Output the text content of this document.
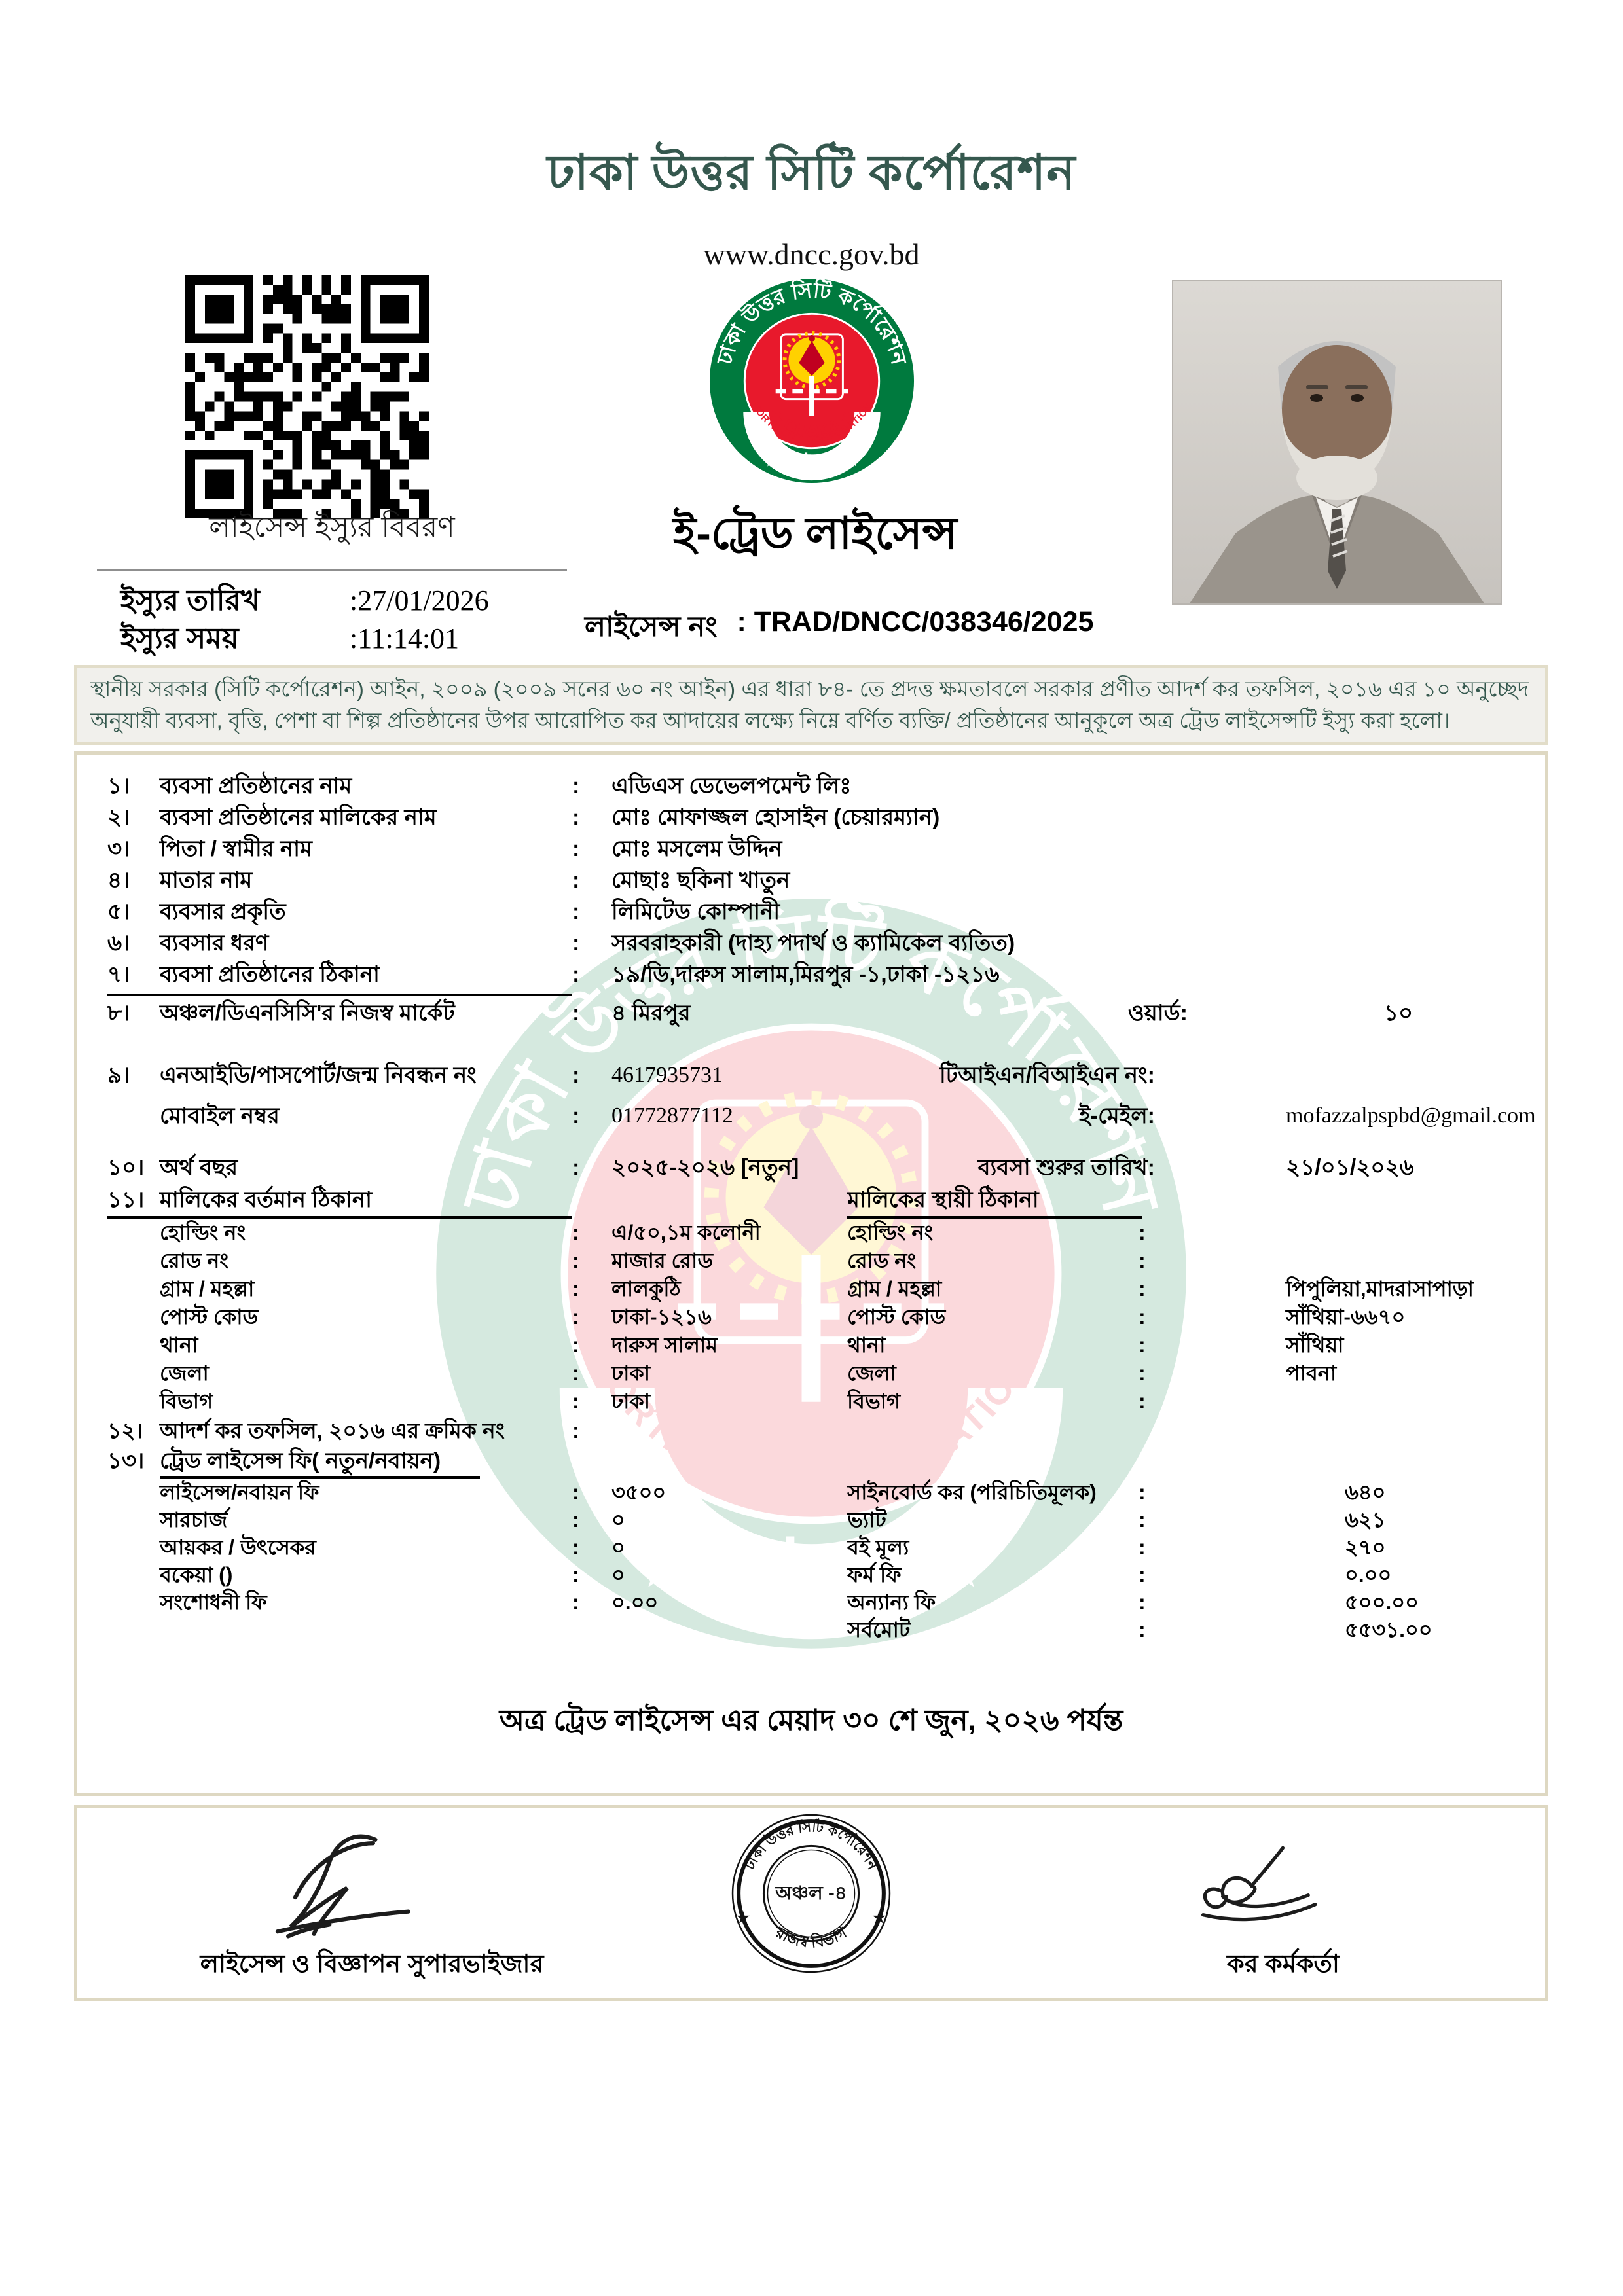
ঢাকা উত্তর সিটি কর্পোরেশন
www.dncc.gov.bd
লাইসেন্স ইস্যুর বিবরণ
ইস্যুর তারিখ	:27/01/2026
ইস্যুর সময়	:11:14:01
ই-ট্রেড লাইসেন্স
লাইসেন্স নং : TRAD/DNCC/038346/2025
স্থানীয় সরকার (সিটি কর্পোরেশন) আইন, ২০০৯ (২০০৯ সনের ৬০ নং আইন) এর ধারা ৮৪- তে প্রদত্ত ক্ষমতাবলে সরকার প্রণীত আদর্শ কর তফসিল, ২০১৬ এর ১০ অনুচ্ছেদ অনুযায়ী ব্যবসা, বৃত্তি, পেশা বা শিল্প প্রতিষ্ঠানের উপর আরোপিত কর আদায়ের লক্ষ্যে নিম্নে বর্ণিত ব্যক্তি/ প্রতিষ্ঠানের আনুকূলে অত্র ট্রেড লাইসেন্সটি ইস্যু করা হলো।
১।	ব্যবসা প্রতিষ্ঠানের নাম	:	এডিএস ডেভেলপমেন্ট লিঃ
২।	ব্যবসা প্রতিষ্ঠানের মালিকের নাম	:	মোঃ মোফাজ্জল হোসাইন (চেয়ারম্যান)
৩।	পিতা / স্বামীর নাম	:	মোঃ মসলেম উদ্দিন
৪।	মাতার নাম	:	মোছাঃ ছকিনা খাতুন
৫।	ব্যবসার প্রকৃতি	:	লিমিটেড কোম্পানী
৬।	ব্যবসার ধরণ	:	সরবরাহকারী (দাহ্য পদার্থ ও ক্যামিকেল ব্যতিত)
৭।	ব্যবসা প্রতিষ্ঠানের ঠিকানা	:	১৯/ডি,দারুস সালাম,মিরপুর -১,ঢাকা -১২১৬
৮।	অঞ্চল/ডিএনসিসি'র নিজস্ব মার্কেট	:	৪ মিরপুর	ওয়ার্ড:	১০
৯।	এনআইডি/পাসপোর্ট/জন্ম নিবন্ধন নং	:	4617935731	টিআইএন/বিআইএন নং:
মোবাইল নম্বর	:	01772877112	ই-মেইল:	mofazzalpspbd@gmail.com
১০। অর্থ বছর	:	২০২৫-২০২৬ [নতুন]	ব্যবসা শুরুর তারিখ:	২১/০১/২০২৬
১১। মালিকের বর্তমান ঠিকানা	মালিকের স্থায়ী ঠিকানা
হোল্ডিং নং	:	এ/৫০,১ম কলোনী	হোল্ডিং নং	:
রোড নং	:	মাজার রোড	রোড নং	:
গ্রাম / মহল্লা	:	লালকুঠি	গ্রাম / মহল্লা	:	পিপুলিয়া,মাদরাসাপাড়া
পোস্ট কোড	:	ঢাকা-১২১৬	পোস্ট কোড	:	সাঁথিয়া-৬৬৭০
থানা	:	দারুস সালাম	থানা	:	সাঁথিয়া
জেলা	:	ঢাকা	জেলা	:	পাবনা
বিভাগ	:	ঢাকা	বিভাগ	:
১২। আদর্শ কর তফসিল, ২০১৬ এর ক্রমিক নং	:
১৩। ট্রেড লাইসেন্স ফি( নতুন/নবায়ন)
লাইসেন্স/নবায়ন ফি	:	৩৫০০	সাইনবোর্ড কর (পরিচিতিমূলক)	:	৬৪০
সারচার্জ	:	০	ভ্যাট	:	৬২১
আয়কর / উৎসেকর	:	০	বই মূল্য	:	২৭০
বকেয়া ()	:	০	ফর্ম ফি	:	০.০০
সংশোধনী ফি	:	০.০০	অন্যান্য ফি	:	৫০০.০০
সর্বমোট	:	৫৫৩১.০০
অত্র ট্রেড লাইসেন্স এর মেয়াদ ৩০ শে জুন, ২০২৬ পর্যন্ত
ঢাকা উত্তর সিটি কর্পোরেশন
রাজস্ব বিভাগ
অঞ্চল -৪
★	★
লাইসেন্স ও বিজ্ঞাপন সুপারভাইজার	কর কর্মকর্তা
